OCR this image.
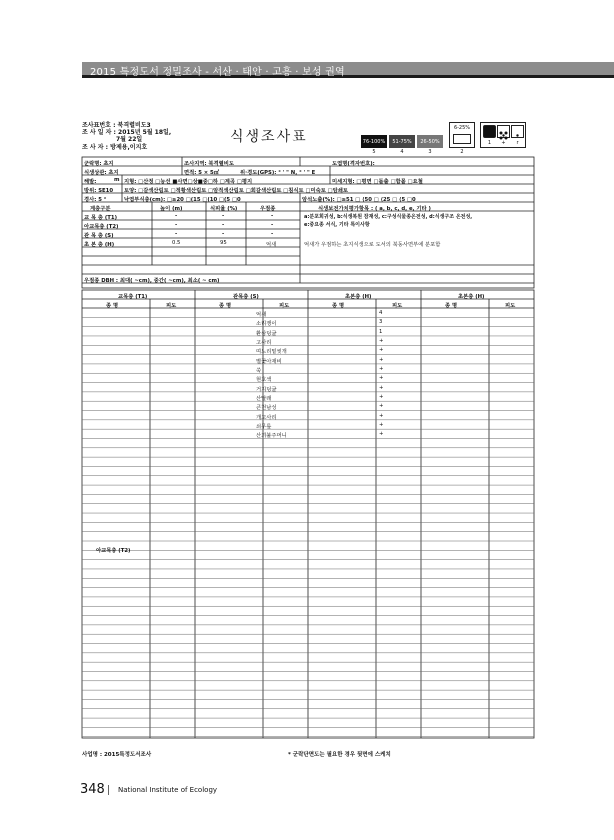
2015 특정도서 정밀조사 - 서산 · 태안 · 고흥 · 보성 권역
조사표번호 : 북격렬비도3
조 사 일 자 : 2015년 5월 18일,
7월 22일
조 사 자 : 방제용,이지호
식생조사표	76-100%	51-75%	26-50%
5	4	3	2
6-25%
1	+	r
군락명: 초지	조사지역: 북격렬비도	도엽명(격자번호):
식생상관: 초지	면적: 5 × 5㎡	위·경도(GPS): ° ' " N, ° ' " E
해발:	m 지형: □산정 □능선 ■사면□상■중□하 □계곡 □평지	미세지형: □평면 □돌출 □함몰 □요철
방위: SE10 토양: □갈색산림토 □적황색산림토 □암적색산림토 □회갈색산림토 □침식토 □미숙토 □암쇄토
경사: 5 °	낙엽부식층(cm): □≥20 □(15 □(10 □(5 □0	암석노출(%): □≥51 □ ⟨50 □ ⟨25 □ ⟨5 □0
계층구분	높이 (m)	식피율 (%)	우점종
교 목 층 (T1)	-	-	-
아교목층 (T2)	-	-	-
관 목 층 (S)	-	-	-
초 본 층 (H)	0.5	95	억새
우점종 DBH : 최대( ~cm), 중간( ~cm), 최소( ~ cm)
식생보전가치평가항목 : ( a, b, c, d, e, 기타 )
a:분포희귀성, b:식생복원 잠재성, c:구성식물종온전성, d:식생구조 온전성,
e:중요종 서식, 기타 특이사항
억새가 우점하는 초지식생으로 도서의 북동사면부에 분포함
교목층 (T1)	관목층 (S)	초본층 (H)	초본층 (H)
종 명	피도	종 명	피도	종 명	피도	종 명	피도
억새	4
소리쟁이	3
환삼덩굴	1
고사리	+
며느리밑씻개	+
별꽃아재비	+
쑥	+
현호색	+
거지덩굴	+
산딸래	+
큰천남성	+
개고사리	+
쇠무릎	+
산괴불주머니	+
아교목층 (T2)
사업명 : 2015특정도서조사	* 군락단면도는 필요한 경우 뒷면에 스케치
348 National Institute of Ecology
